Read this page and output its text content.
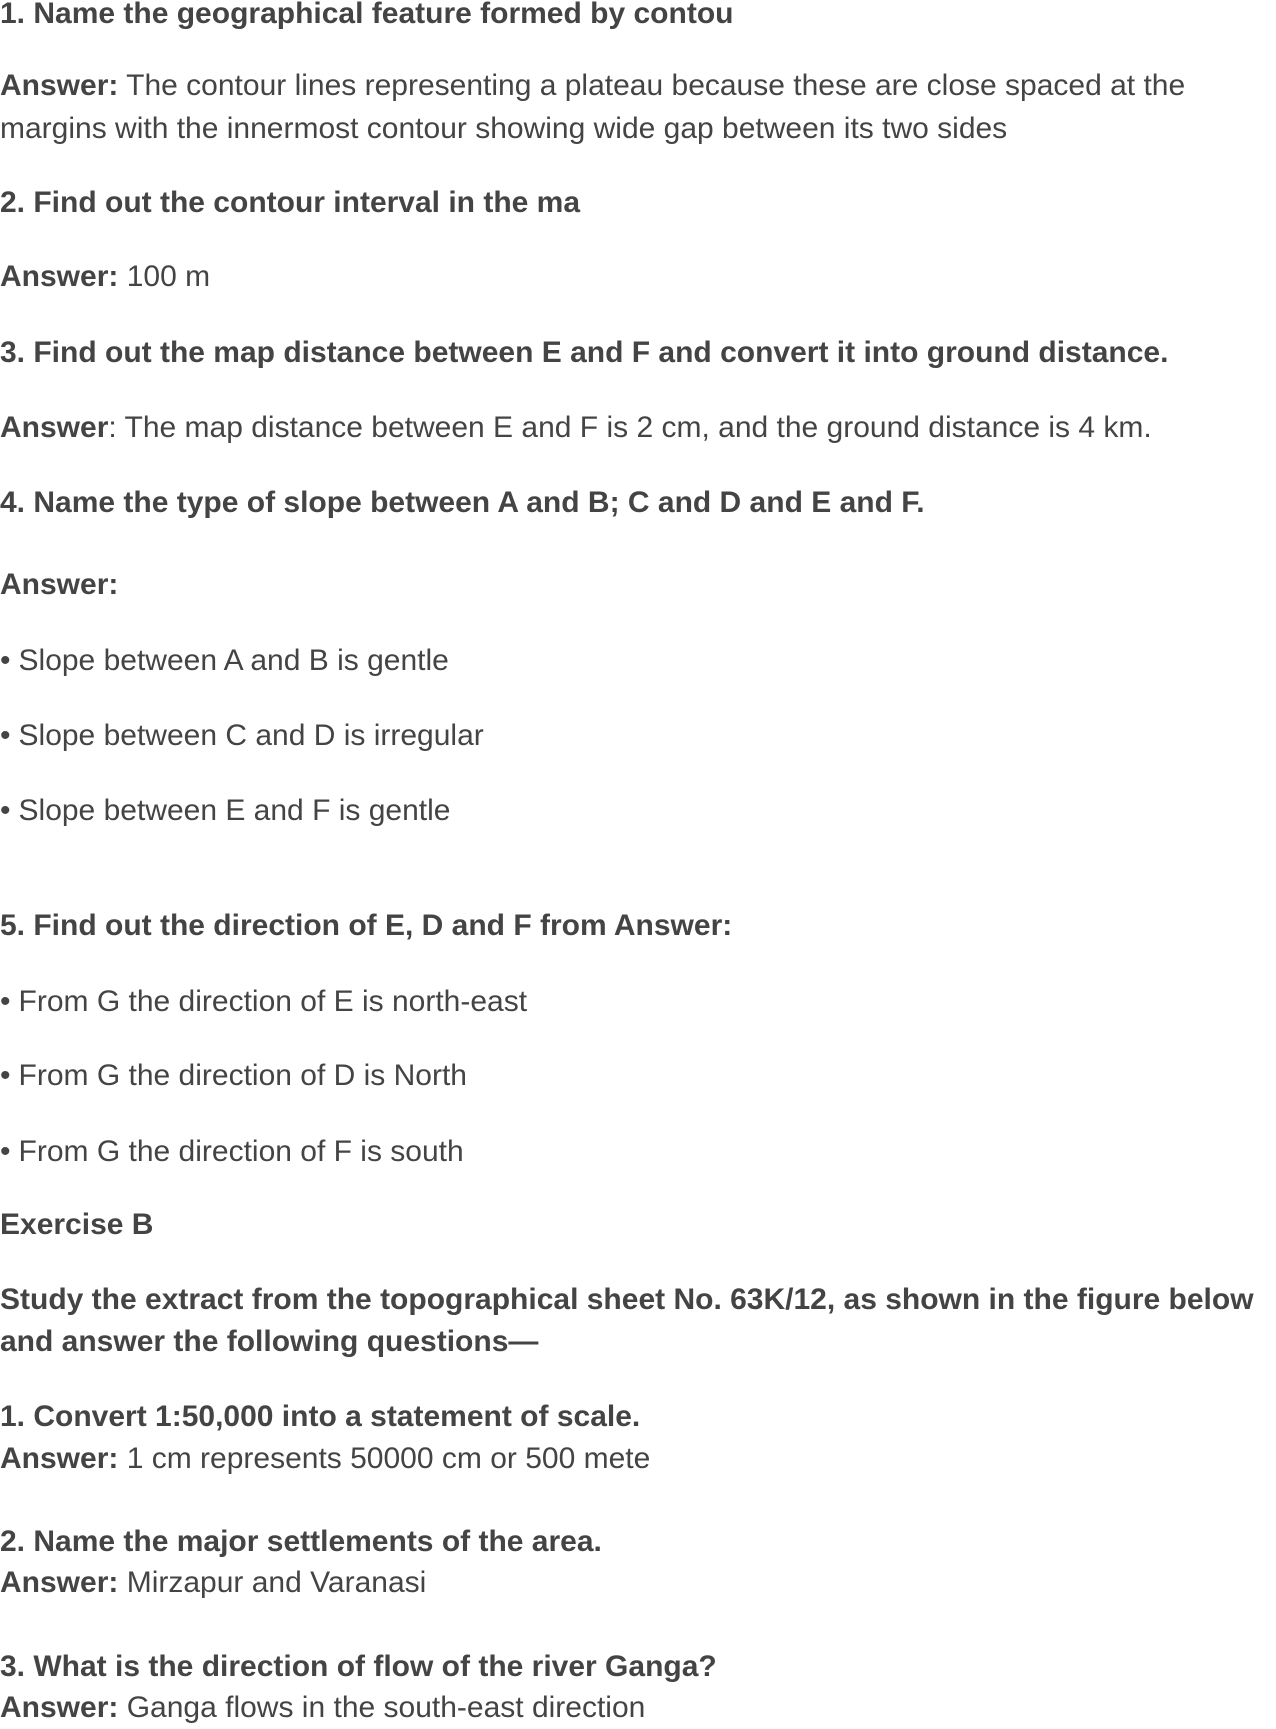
1. Name the geographical feature formed by contou
Answer: The contour lines representing a plateau because these are close spaced at the
margins with the innermost contour showing wide gap between its two sides
2. Find out the contour interval in the ma
Answer: 100 m
3. Find out the map distance between E and F and convert it into ground distance.
Answer: The map distance between E and F is 2 cm, and the ground distance is 4 km.
4. Name the type of slope between A and B; C and D and E and F.
Answer:
• Slope between A and B is gentle
• Slope between C and D is irregular
• Slope between E and F is gentle
5. Find out the direction of E, D and F from Answer:
• From G the direction of E is north-east
• From G the direction of D is North
• From G the direction of F is south
Exercise B
Study the extract from the topographical sheet No. 63K/12, as shown in the figure below
and answer the following questions—
1. Convert 1:50,000 into a statement of scale.
Answer: 1 cm represents 50000 cm or 500 mete
2. Name the major settlements of the area.
Answer: Mirzapur and Varanasi
3. What is the direction of flow of the river Ganga?
Answer: Ganga flows in the south-east direction
